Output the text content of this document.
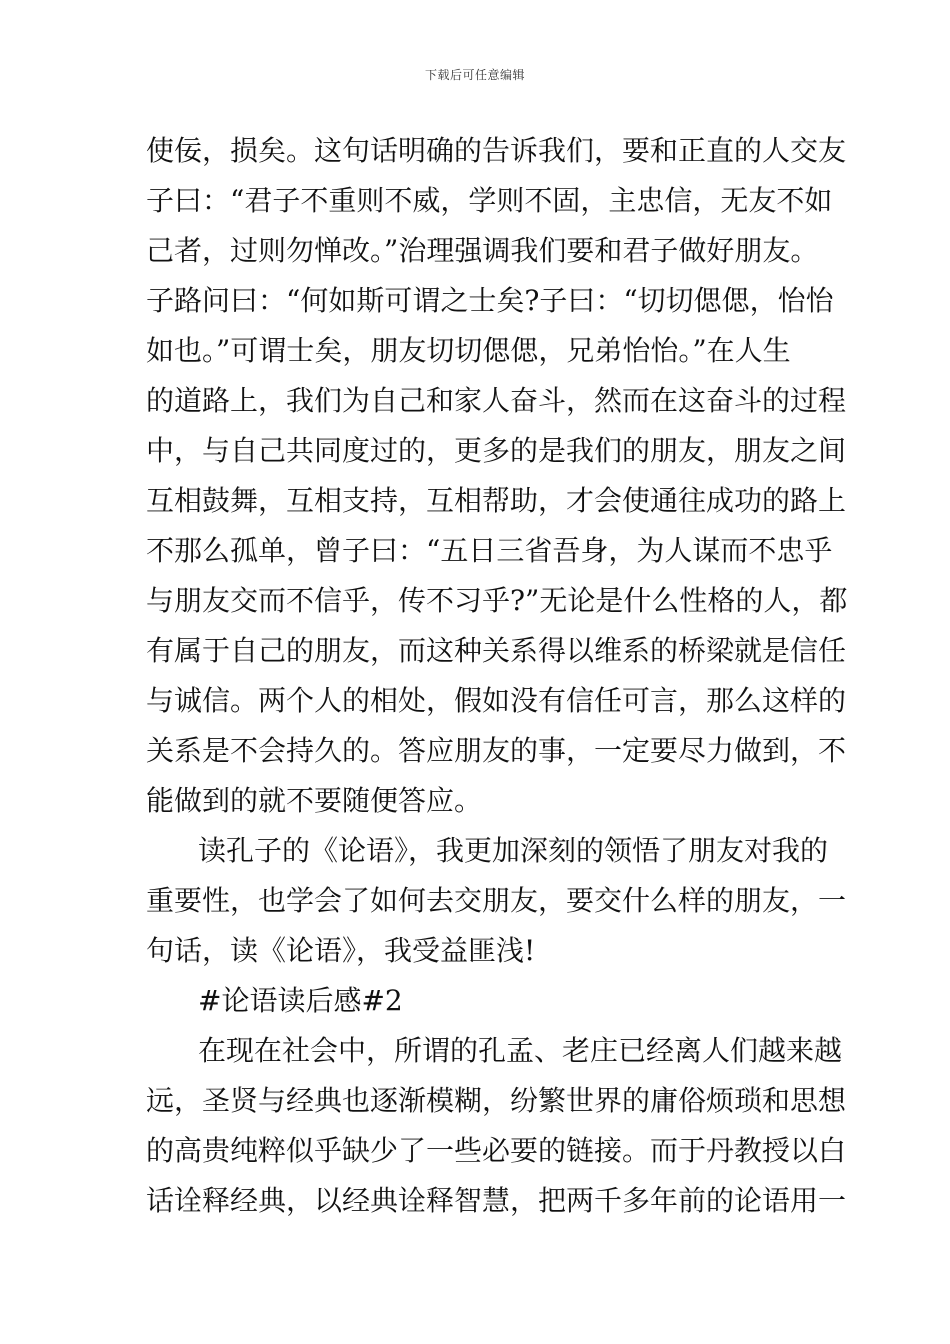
下载后可任意编辑
使佞，损矣。这句话明确的告诉我们，要和正直的人交友
子曰：“君子不重则不威，学则不固，主忠信，无友不如
己者，过则勿惮改。”治理强调我们要和君子做好朋友。
子路问曰：“何如斯可谓之士矣?子曰：“切切偲偲，怡怡
如也。”可谓士矣，朋友切切偲偲，兄弟怡怡。”在人生
的道路上，我们为自己和家人奋斗，然而在这奋斗的过程
中，与自己共同度过的，更多的是我们的朋友，朋友之间
互相鼓舞，互相支持，互相帮助，才会使通往成功的路上
不那么孤单，曾子曰：“五日三省吾身，为人谋而不忠乎
与朋友交而不信乎，传不习乎?”无论是什么性格的人，都
有属于自己的朋友，而这种关系得以维系的桥梁就是信任
与诚信。两个人的相处，假如没有信任可言，那么这样的
关系是不会持久的。答应朋友的事，一定要尽力做到，不
能做到的就不要随便答应。
读孔子的《论语》，我更加深刻的领悟了朋友对我的
重要性，也学会了如何去交朋友，要交什么样的朋友，一
句话，读《论语》，我受益匪浅!
#论语读后感#2
在现在社会中，所谓的孔孟、老庄已经离人们越来越
远，圣贤与经典也逐渐模糊，纷繁世界的庸俗烦琐和思想
的高贵纯粹似乎缺少了一些必要的链接。而于丹教授以白
话诠释经典，以经典诠释智慧，把两千多年前的论语用一
